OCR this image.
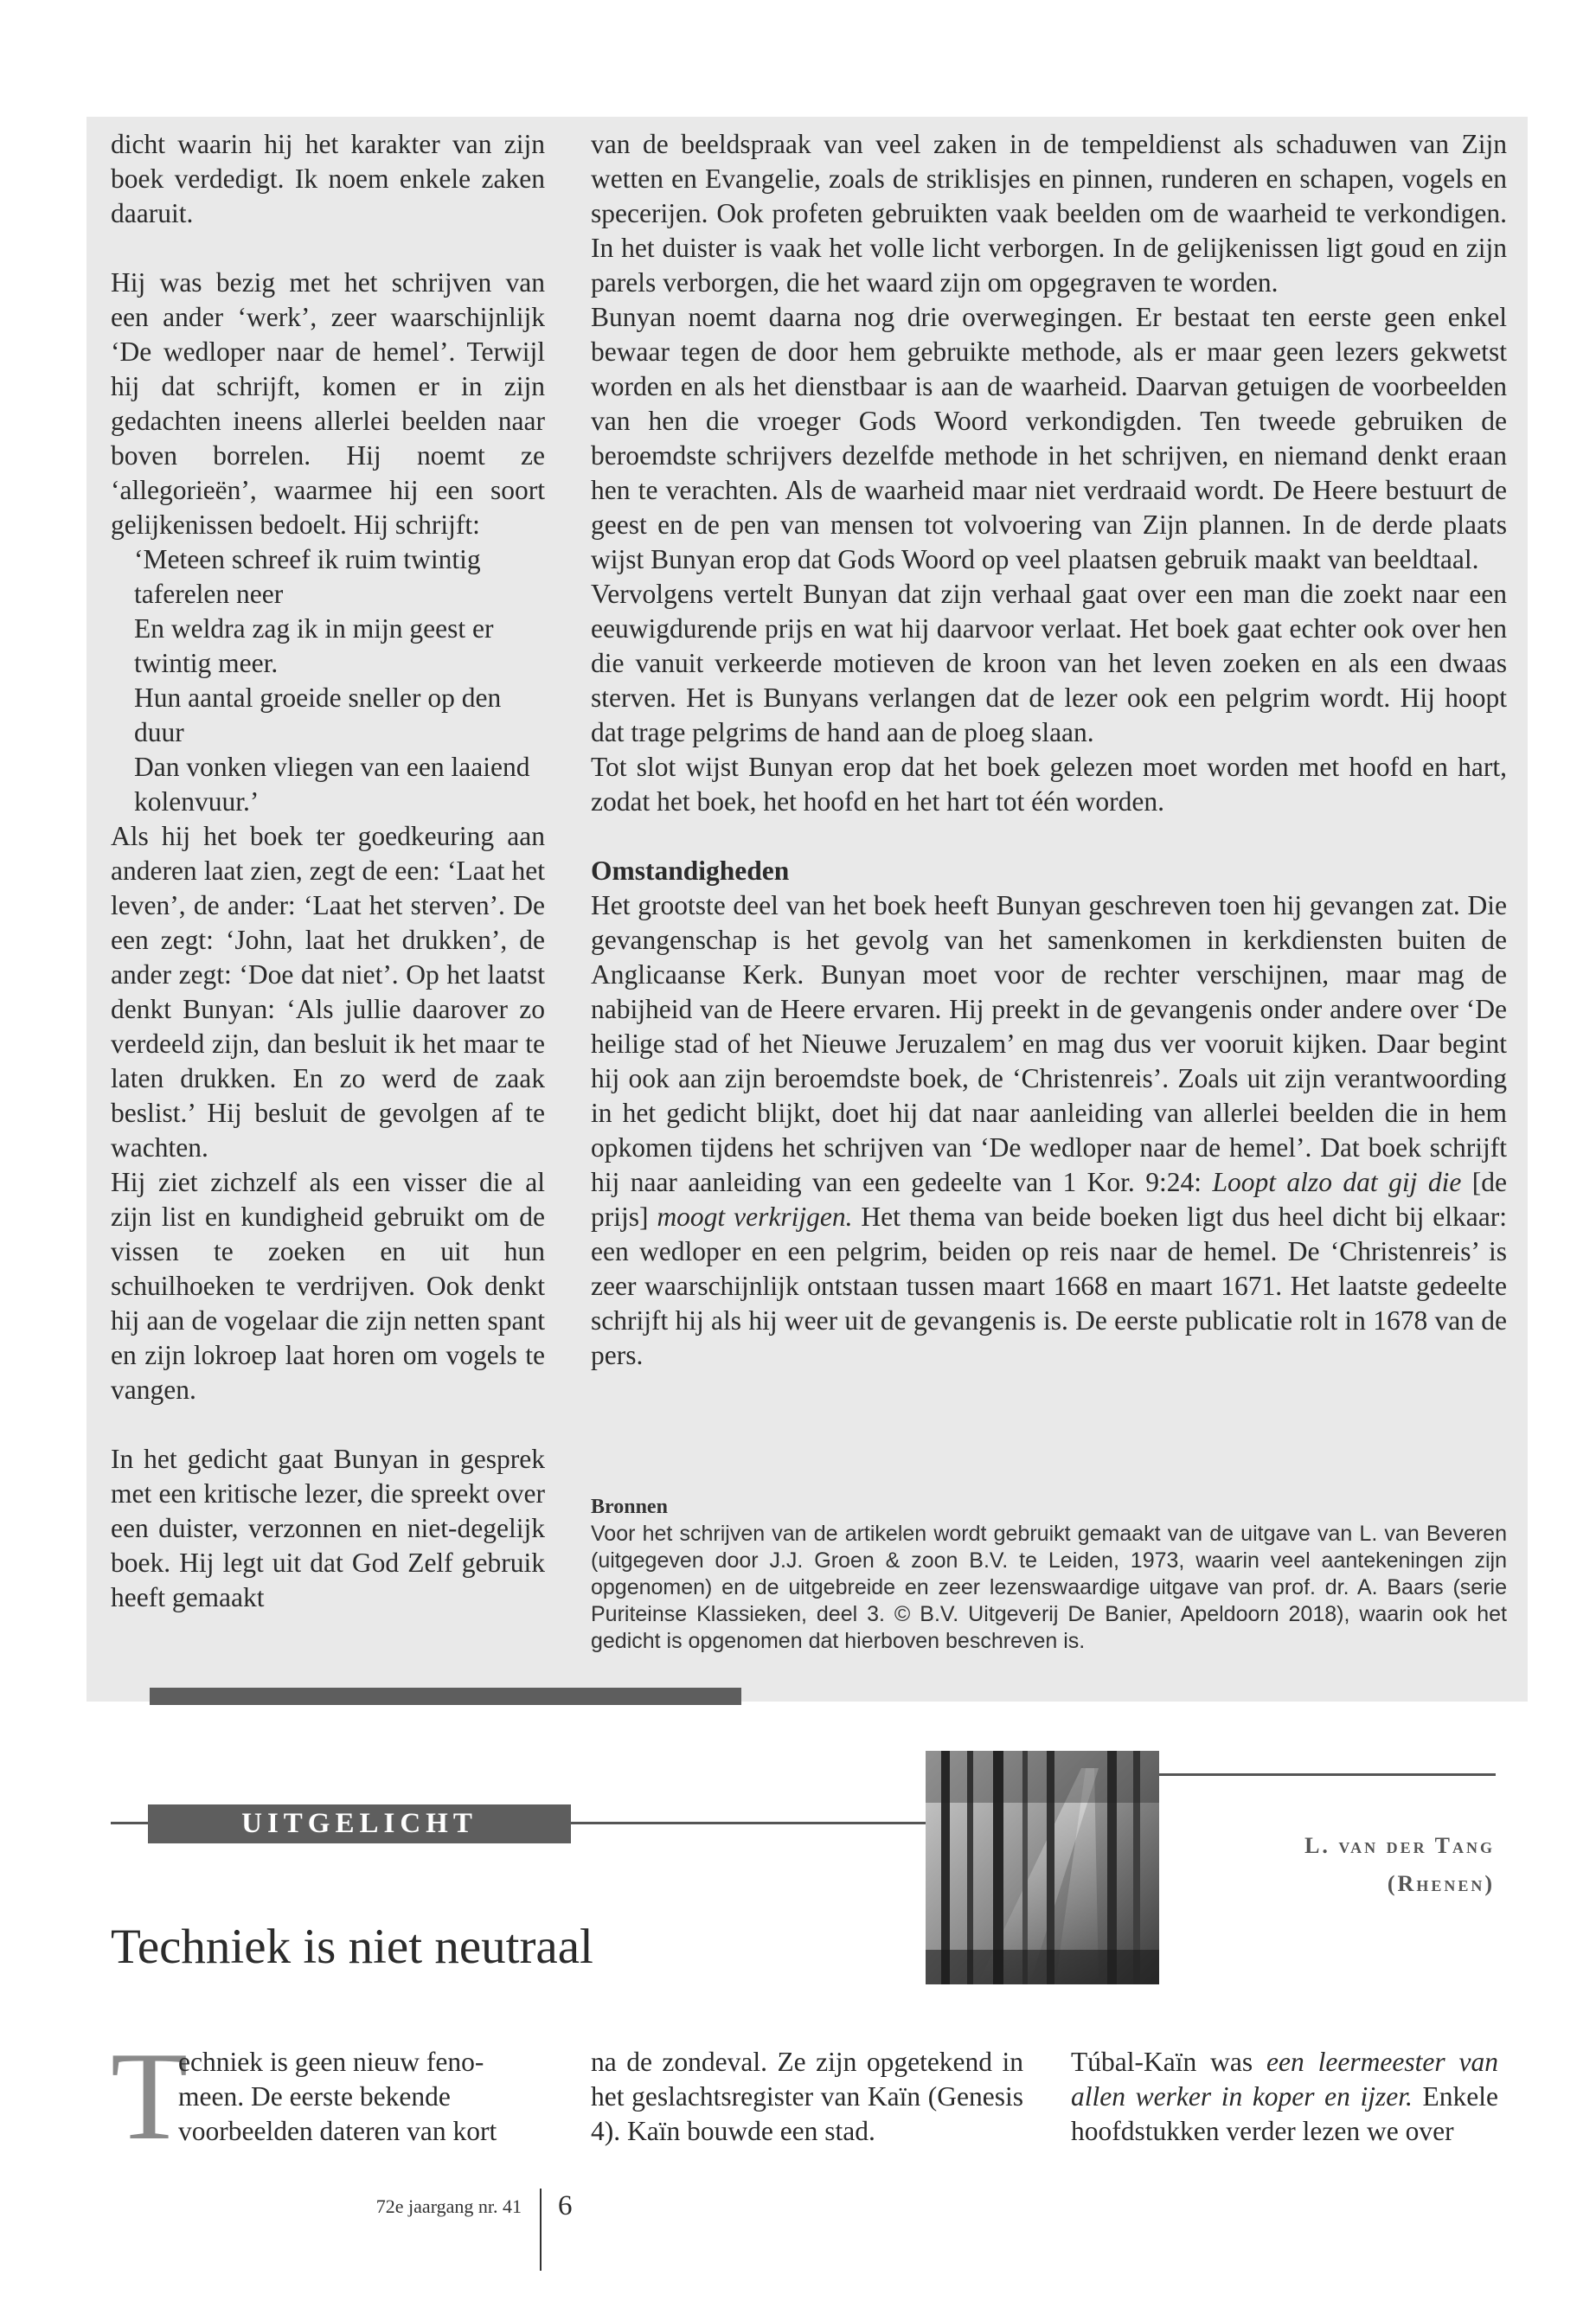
dicht waarin hij het karakter van zijn boek verdedigt. Ik noem enkele zaken daaruit.

Hij was bezig met het schrijven van een ander ‘werk’, zeer waarschijnlijk ‘De wedloper naar de hemel’. Terwijl hij dat schrijft, komen er in zijn gedachten ineens allerlei beelden naar boven borrelen. Hij noemt ze ‘allegorieën’, waarmee hij een soort gelijkenissen bedoelt. Hij schrijft:

‘Meteen schreef ik ruim twintig taferelen neer
En weldra zag ik in mijn geest er twintig meer.
Hun aantal groeide sneller op den duur
Dan vonken vliegen van een laaiend kolenvuur.’

Als hij het boek ter goedkeuring aan anderen laat zien, zegt de een: ‘Laat het leven’, de ander: ‘Laat het sterven’. De een zegt: ‘John, laat het drukken’, de ander zegt: ‘Doe dat niet’. Op het laatst denkt Bunyan: ‘Als jullie daarover zo verdeeld zijn, dan besluit ik het maar te laten drukken. En zo werd de zaak beslist.’ Hij besluit de gevolgen af te wachten.

Hij ziet zichzelf als een visser die al zijn list en kundigheid gebruikt om de vissen te zoeken en uit hun schuilhoeken te verdrijven. Ook denkt hij aan de vogelaar die zijn netten spant en zijn lokroep laat horen om vogels te vangen.

In het gedicht gaat Bunyan in gesprek met een kritische lezer, die spreekt over een duister, verzonnen en niet-degelijk boek. Hij legt uit dat God Zelf gebruik heeft gemaakt

van de beeldspraak van veel zaken in de tempeldienst als schaduwen van Zijn wetten en Evangelie, zoals de striklisjes en pinnen, runderen en schapen, vogels en specerijen. Ook profeten gebruikten vaak beelden om de waarheid te verkondigen. In het duister is vaak het volle licht verborgen. In de gelijkenissen ligt goud en zijn parels verborgen, die het waard zijn om opgegraven te worden.

Bunyan noemt daarna nog drie overwegingen. Er bestaat ten eerste geen enkel bewaar tegen de door hem gebruikte methode, als er maar geen lezers gekwetst worden en als het dienstbaar is aan de waarheid. Daarvan getuigen de voorbeelden van hen die vroeger Gods Woord verkondigden. Ten tweede gebruiken de beroemdste schrijvers dezelfde methode in het schrijven, en niemand denkt eraan hen te verachten. Als de waarheid maar niet verdraaid wordt. De Heere bestuurt de geest en de pen van mensen tot volvoering van Zijn plannen. In de derde plaats wijst Bunyan erop dat Gods Woord op veel plaatsen gebruik maakt van beeldtaal.

Vervolgens vertelt Bunyan dat zijn verhaal gaat over een man die zoekt naar een eeuwigdurende prijs en wat hij daarvoor verlaat. Het boek gaat echter ook over hen die vanuit verkeerde motieven de kroon van het leven zoeken en als een dwaas sterven. Het is Bunyans verlangen dat de lezer ook een pelgrim wordt. Hij hoopt dat trage pelgrims de hand aan de ploeg slaan.

Tot slot wijst Bunyan erop dat het boek gelezen moet worden met hoofd en hart, zodat het boek, het hoofd en het hart tot één worden.

Omstandigheden

Het grootste deel van het boek heeft Bunyan geschreven toen hij gevangen zat. Die gevangenschap is het gevolg van het samenkomen in kerkdiensten buiten de Anglicaanse Kerk. Bunyan moet voor de rechter verschijnen, maar mag de nabijheid van de Heere ervaren. Hij preekt in de gevangenis onder andere over ‘De heilige stad of het Nieuwe Jeruzalem’ en mag dus ver vooruit kijken. Daar begint hij ook aan zijn beroemdste boek, de ‘Christenreis’. Zoals uit zijn verantwoording in het gedicht blijkt, doet hij dat naar aanleiding van allerlei beelden die in hem opkomen tijdens het schrijven van ‘De wedloper naar de hemel’. Dat boek schrijft hij naar aanleiding van een gedeelte van 1 Kor. 9:24: Loopt alzo dat gij die [de prijs] moogt verkrijgen. Het thema van beide boeken ligt dus heel dicht bij elkaar: een wedloper en een pelgrim, beiden op reis naar de hemel. De ‘Christenreis’ is zeer waarschijnlijk ontstaan tussen maart 1668 en maart 1671. Het laatste gedeelte schrijft hij als hij weer uit de gevangenis is. De eerste publicatie rolt in 1678 van de pers.

Bronnen
Voor het schrijven van de artikelen wordt gebruikt gemaakt van de uitgave van L. van Beveren (uitgegeven door J.J. Groen & zoon B.V. te Leiden, 1973, waarin veel aantekeningen zijn opgenomen) en de uitgebreide en zeer lezenswaardige uitgave van prof. dr. A. Baars (serie Puriteinse Klassieken, deel 3. © B.V. Uitgeverij De Banier, Apeldoorn 2018), waarin ook het gedicht is opgenomen dat hierboven beschreven is.
UITGELICHT
L. van der Tang
(Rhenen)
Techniek is niet neutraal
T
echniek is geen nieuw feno-
meen. De eerste bekende
voorbeelden dateren van kort
na de zondeval. Ze zijn opgetekend in het geslachtsregister van Kaïn (Genesis 4). Kaïn bouwde een stad.
Túbal-Kaïn was een leermeester van allen werker in koper en ijzer. Enkele hoofdstukken verder lezen we over
72e jaargang nr. 41 6
